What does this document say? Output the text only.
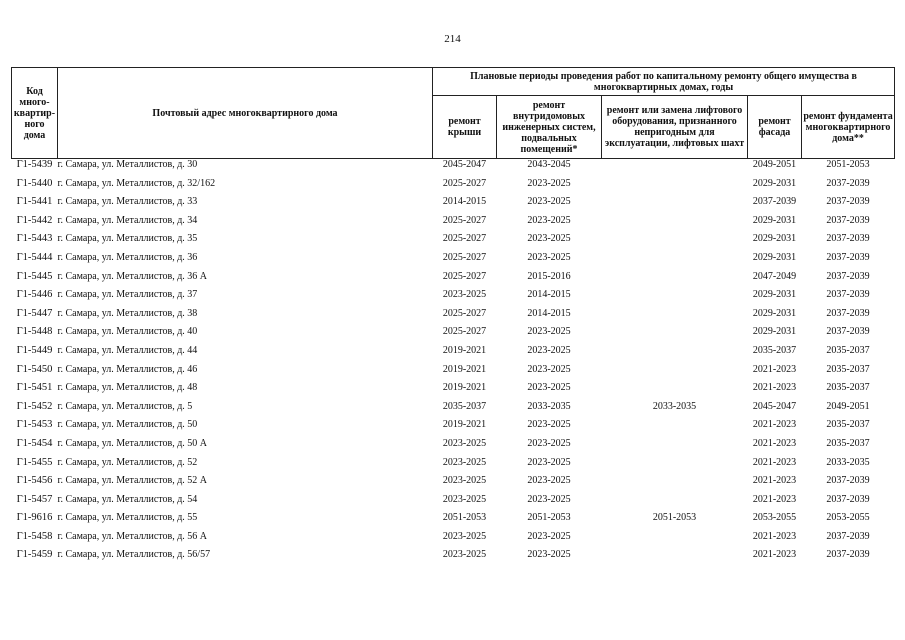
214
Код
много-
квартир-
ного
дома	Почтовый адрес многоквартирного дома	Плановые периоды проведения работ по капитальному ремонту общего имущества в многоквартирных домах, годы				
		ремонт крыши	ремонт внутридомовых инженерных систем, подвальных помещений*	ремонт или замена лифтового оборудования, признанного непригодным для эксплуатации, лифтовых шахт	ремонт фасада	ремонт фундамента многоквартирного дома**
Г1-5439	г. Самара, ул. Металлистов, д. 30	2045-2047	2043-2045		2049-2051	2051-2053
Г1-5440	г. Самара, ул. Металлистов, д. 32/162	2025-2027	2023-2025		2029-2031	2037-2039
Г1-5441	г. Самара, ул. Металлистов, д. 33	2014-2015	2023-2025		2037-2039	2037-2039
Г1-5442	г. Самара, ул. Металлистов, д. 34	2025-2027	2023-2025		2029-2031	2037-2039
Г1-5443	г. Самара, ул. Металлистов, д. 35	2025-2027	2023-2025		2029-2031	2037-2039
Г1-5444	г. Самара, ул. Металлистов, д. 36	2025-2027	2023-2025		2029-2031	2037-2039
Г1-5445	г. Самара, ул. Металлистов, д. 36 А	2025-2027	2015-2016		2047-2049	2037-2039
Г1-5446	г. Самара, ул. Металлистов, д. 37	2023-2025	2014-2015		2029-2031	2037-2039
Г1-5447	г. Самара, ул. Металлистов, д. 38	2025-2027	2014-2015		2029-2031	2037-2039
Г1-5448	г. Самара, ул. Металлистов, д. 40	2025-2027	2023-2025		2029-2031	2037-2039
Г1-5449	г. Самара, ул. Металлистов, д. 44	2019-2021	2023-2025		2035-2037	2035-2037
Г1-5450	г. Самара, ул. Металлистов, д. 46	2019-2021	2023-2025		2021-2023	2035-2037
Г1-5451	г. Самара, ул. Металлистов, д. 48	2019-2021	2023-2025		2021-2023	2035-2037
Г1-5452	г. Самара, ул. Металлистов, д. 5	2035-2037	2033-2035	2033-2035	2045-2047	2049-2051
Г1-5453	г. Самара, ул. Металлистов, д. 50	2019-2021	2023-2025		2021-2023	2035-2037
Г1-5454	г. Самара, ул. Металлистов, д. 50 А	2023-2025	2023-2025		2021-2023	2035-2037
Г1-5455	г. Самара, ул. Металлистов, д. 52	2023-2025	2023-2025		2021-2023	2033-2035
Г1-5456	г. Самара, ул. Металлистов, д. 52 А	2023-2025	2023-2025		2021-2023	2037-2039
Г1-5457	г. Самара, ул. Металлистов, д. 54	2023-2025	2023-2025		2021-2023	2037-2039
Г1-9616	г. Самара, ул. Металлистов, д. 55	2051-2053	2051-2053	2051-2053	2053-2055	2053-2055
Г1-5458	г. Самара, ул. Металлистов, д. 56 А	2023-2025	2023-2025		2021-2023	2037-2039
Г1-5459	г. Самара, ул. Металлистов, д. 56/57	2023-2025	2023-2025		2021-2023	2037-2039
